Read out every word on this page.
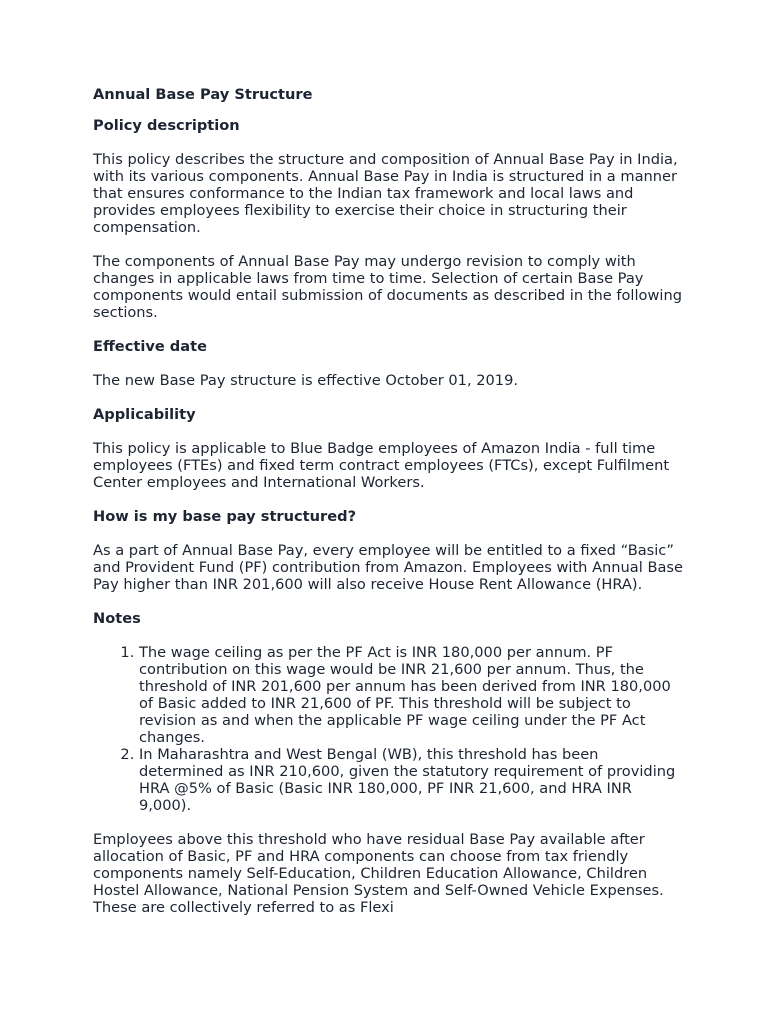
Annual Base Pay Structure
Policy description

This policy describes the structure and composition of Annual Base Pay in India, with its various components. Annual Base Pay in India is structured in a manner that ensures conformance to the Indian tax framework and local laws and provides employees flexibility to exercise their choice in structuring their compensation.

The components of Annual Base Pay may undergo revision to comply with changes in applicable laws from time to time. Selection of certain Base Pay components would entail submission of documents as described in the following sections.

Effective date

The new Base Pay structure is effective October 01, 2019.

Applicability

This policy is applicable to Blue Badge employees of Amazon India - full time employees (FTEs) and fixed term contract employees (FTCs), except Fulfilment Center employees and International Workers.

How is my base pay structured?

As a part of Annual Base Pay, every employee will be entitled to a fixed “Basic” and Provident Fund (PF) contribution from Amazon. Employees with Annual Base Pay higher than INR 201,600 will also receive House Rent Allowance (HRA).

Notes
1. The wage ceiling as per the PF Act is INR 180,000 per annum. PF contribution on this wage would be INR 21,600 per annum. Thus, the threshold of INR 201,600 per annum has been derived from INR 180,000 of Basic added to INR 21,600 of PF. This threshold will be subject to revision as and when the applicable PF wage ceiling under the PF Act changes.
2. In Maharashtra and West Bengal (WB), this threshold has been determined as INR 210,600, given the statutory requirement of providing HRA @5% of Basic (Basic INR 180,000, PF INR 21,600, and HRA INR 9,000).

Employees above this threshold who have residual Base Pay available after allocation of Basic, PF and HRA components can choose from tax friendly components namely Self-Education, Children Education Allowance, Children Hostel Allowance, National Pension System and Self-Owned Vehicle Expenses. These are collectively referred to as Flexi
